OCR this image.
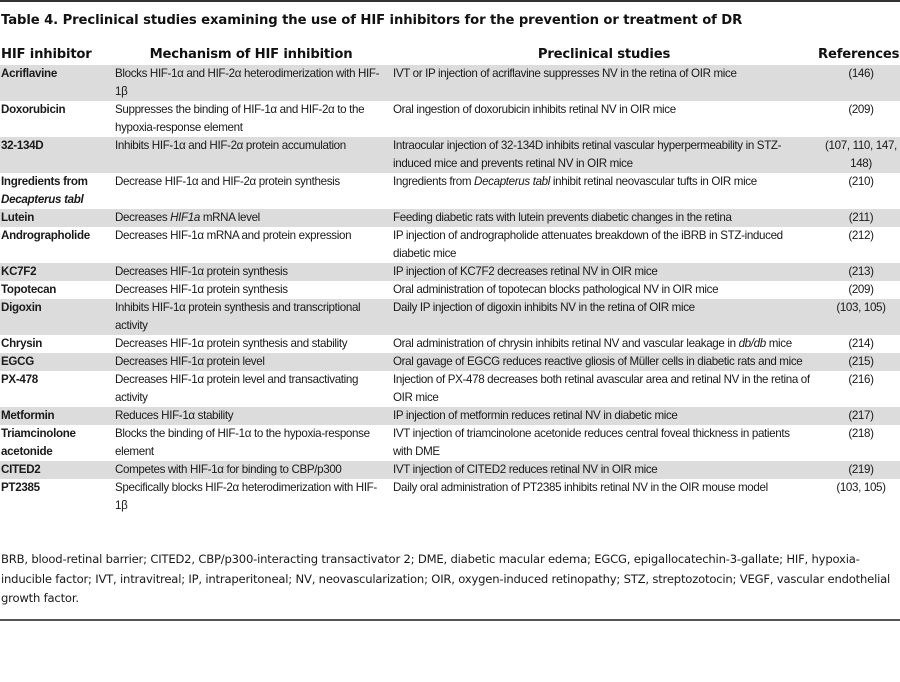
Table 4. Preclinical studies examining the use of HIF inhibitors for the prevention or treatment of DR
HIF inhibitor	Mechanism of HIF inhibition	Preclinical studies	References
Acriflavine	Blocks HIF-1α and HIF-2α heterodimerization with HIF-1β	IVT or IP injection of acriflavine suppresses NV in the retina of OIR mice	(146)
Doxorubicin	Suppresses the binding of HIF-1α and HIF-2α to the hypoxia-response element	Oral ingestion of doxorubicin inhibits retinal NV in OIR mice	(209)
32-134D	Inhibits HIF-1α and HIF-2α protein accumulation	Intraocular injection of 32-134D inhibits retinal vascular hyperpermeability in STZ-induced mice and prevents retinal NV in OIR mice	(107, 110, 147, 148)
Ingredients from Decapterus tabl	Decrease HIF-1α and HIF-2α protein synthesis	Ingredients from Decapterus tabl inhibit retinal neovascular tufts in OIR mice	(210)
Lutein	Decreases HIF1a mRNA level	Feeding diabetic rats with lutein prevents diabetic changes in the retina	(211)
Andrographolide	Decreases HIF-1α mRNA and protein expression	IP injection of andrographolide attenuates breakdown of the iBRB in STZ-induced diabetic mice	(212)
KC7F2	Decreases HIF-1α protein synthesis	IP injection of KC7F2 decreases retinal NV in OIR mice	(213)
Topotecan	Decreases HIF-1α protein synthesis	Oral administration of topotecan blocks pathological NV in OIR mice	(209)
Digoxin	Inhibits HIF-1α protein synthesis and transcriptional activity	Daily IP injection of digoxin inhibits NV in the retina of OIR mice	(103, 105)
Chrysin	Decreases HIF-1α protein synthesis and stability	Oral administration of chrysin inhibits retinal NV and vascular leakage in db/db mice	(214)
EGCG	Decreases HIF-1α protein level	Oral gavage of EGCG reduces reactive gliosis of Müller cells in diabetic rats and mice	(215)
PX-478	Decreases HIF-1α protein level and transactivating activity	Injection of PX-478 decreases both retinal avascular area and retinal NV in the retina of OIR mice	(216)
Metformin	Reduces HIF-1α stability	IP injection of metformin reduces retinal NV in diabetic mice	(217)
Triamcinolone acetonide	Blocks the binding of HIF-1α to the hypoxia-response element	IVT injection of triamcinolone acetonide reduces central foveal thickness in patients with DME	(218)
CITED2	Competes with HIF-1α for binding to CBP/p300	IVT injection of CITED2 reduces retinal NV in OIR mice	(219)
PT2385	Specifically blocks HIF-2α heterodimerization with HIF-1β	Daily oral administration of PT2385 inhibits retinal NV in the OIR mouse model	(103, 105)
BRB, blood-retinal barrier; CITED2, CBP/p300-interacting transactivator 2; DME, diabetic macular edema; EGCG, epigallocatechin-3-gallate; HIF, hypoxia-inducible factor; IVT, intravitreal; IP, intraperitoneal; NV, neovascularization; OIR, oxygen-induced retinopathy; STZ, streptozotocin; VEGF, vascular endothelial growth factor.
